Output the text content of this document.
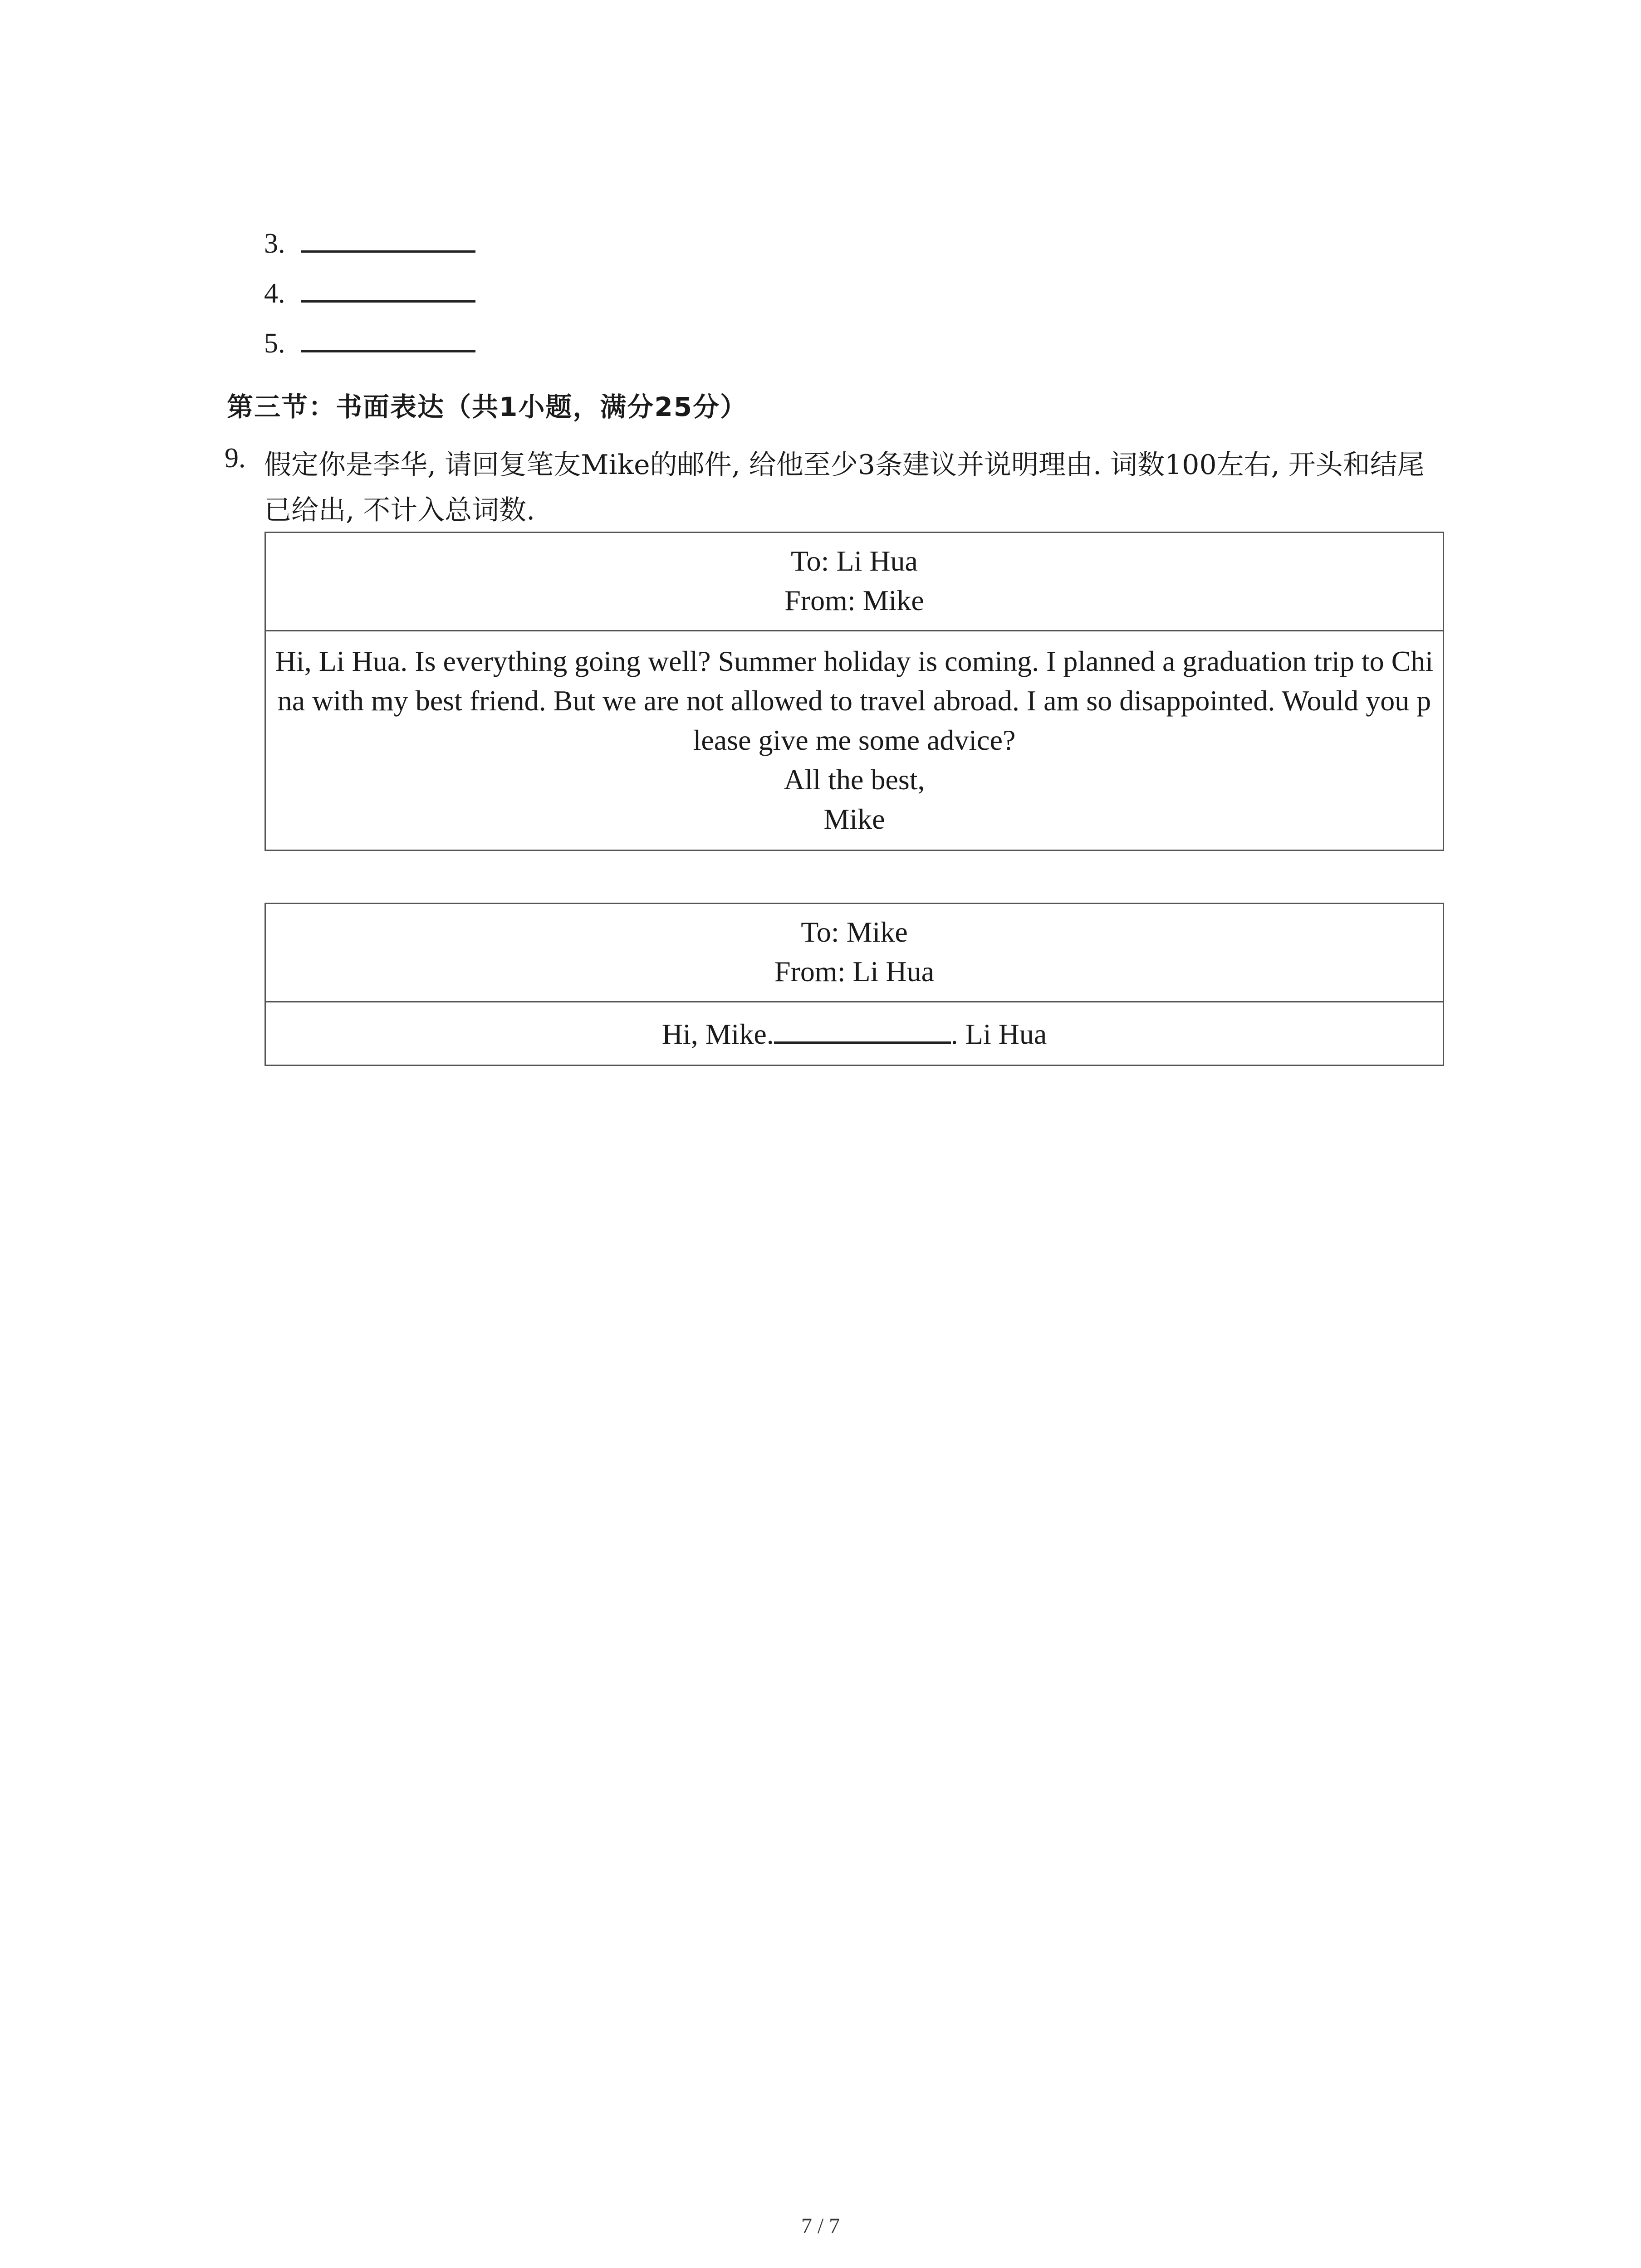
3.
4.
5.
第三节：书面表达（共1小题，满分25分）
9. 假定你是李华, 请回复笔友Mike的邮件, 给他至少3条建议并说明理由. 词数100左右, 开头和结尾已给出, 不计入总词数.
To: Li Hua
From: Mike
Hi, Li Hua. Is everything going well? Summer holiday is coming. I planned a graduation trip to China with my best friend. But we are not allowed to travel abroad. I am so disappointed. Would you please give me some advice?
All the best,
Mike
To: Mike
From: Li Hua
Hi, Mike.	. Li Hua
7 / 7
